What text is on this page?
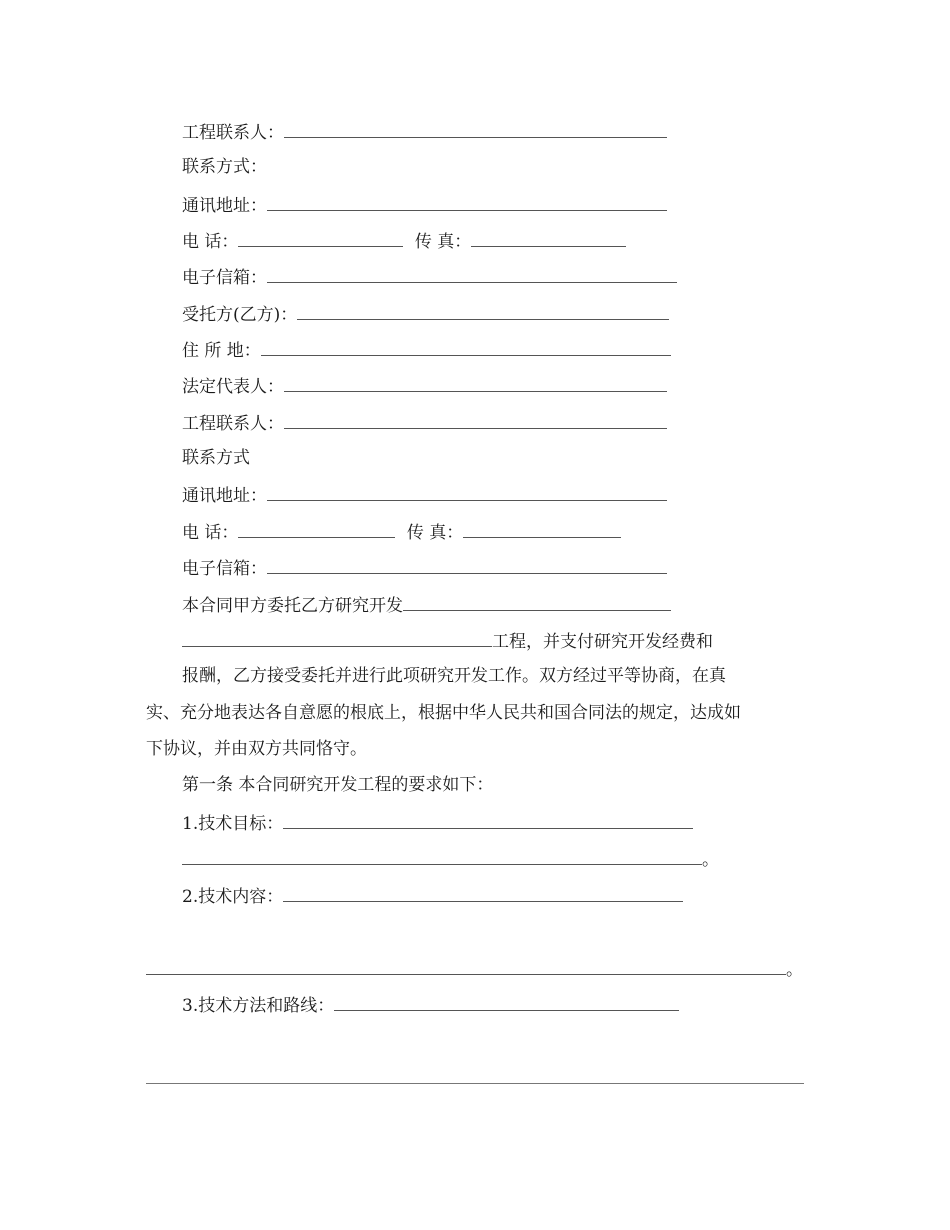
工程联系人：
联系方式：
通讯地址：
电 话：	传 真：
电子信箱：
受托方(乙方)：
住 所 地：
法定代表人：
工程联系人：
联系方式
通讯地址：
电 话：	传 真：
电子信箱：
本合同甲方委托乙方研究开发
工程，并支付研究开发经费和
报酬，乙方接受委托并进行此项研究开发工作。双方经过平等协商，在真
实、充分地表达各自意愿的根底上，根据中华人民共和国合同法的规定，达成如
下协议，并由双方共同恪守。
第一条 本合同研究开发工程的要求如下：
1.技术目标：
。
2.技术内容：
。
3.技术方法和路线：
